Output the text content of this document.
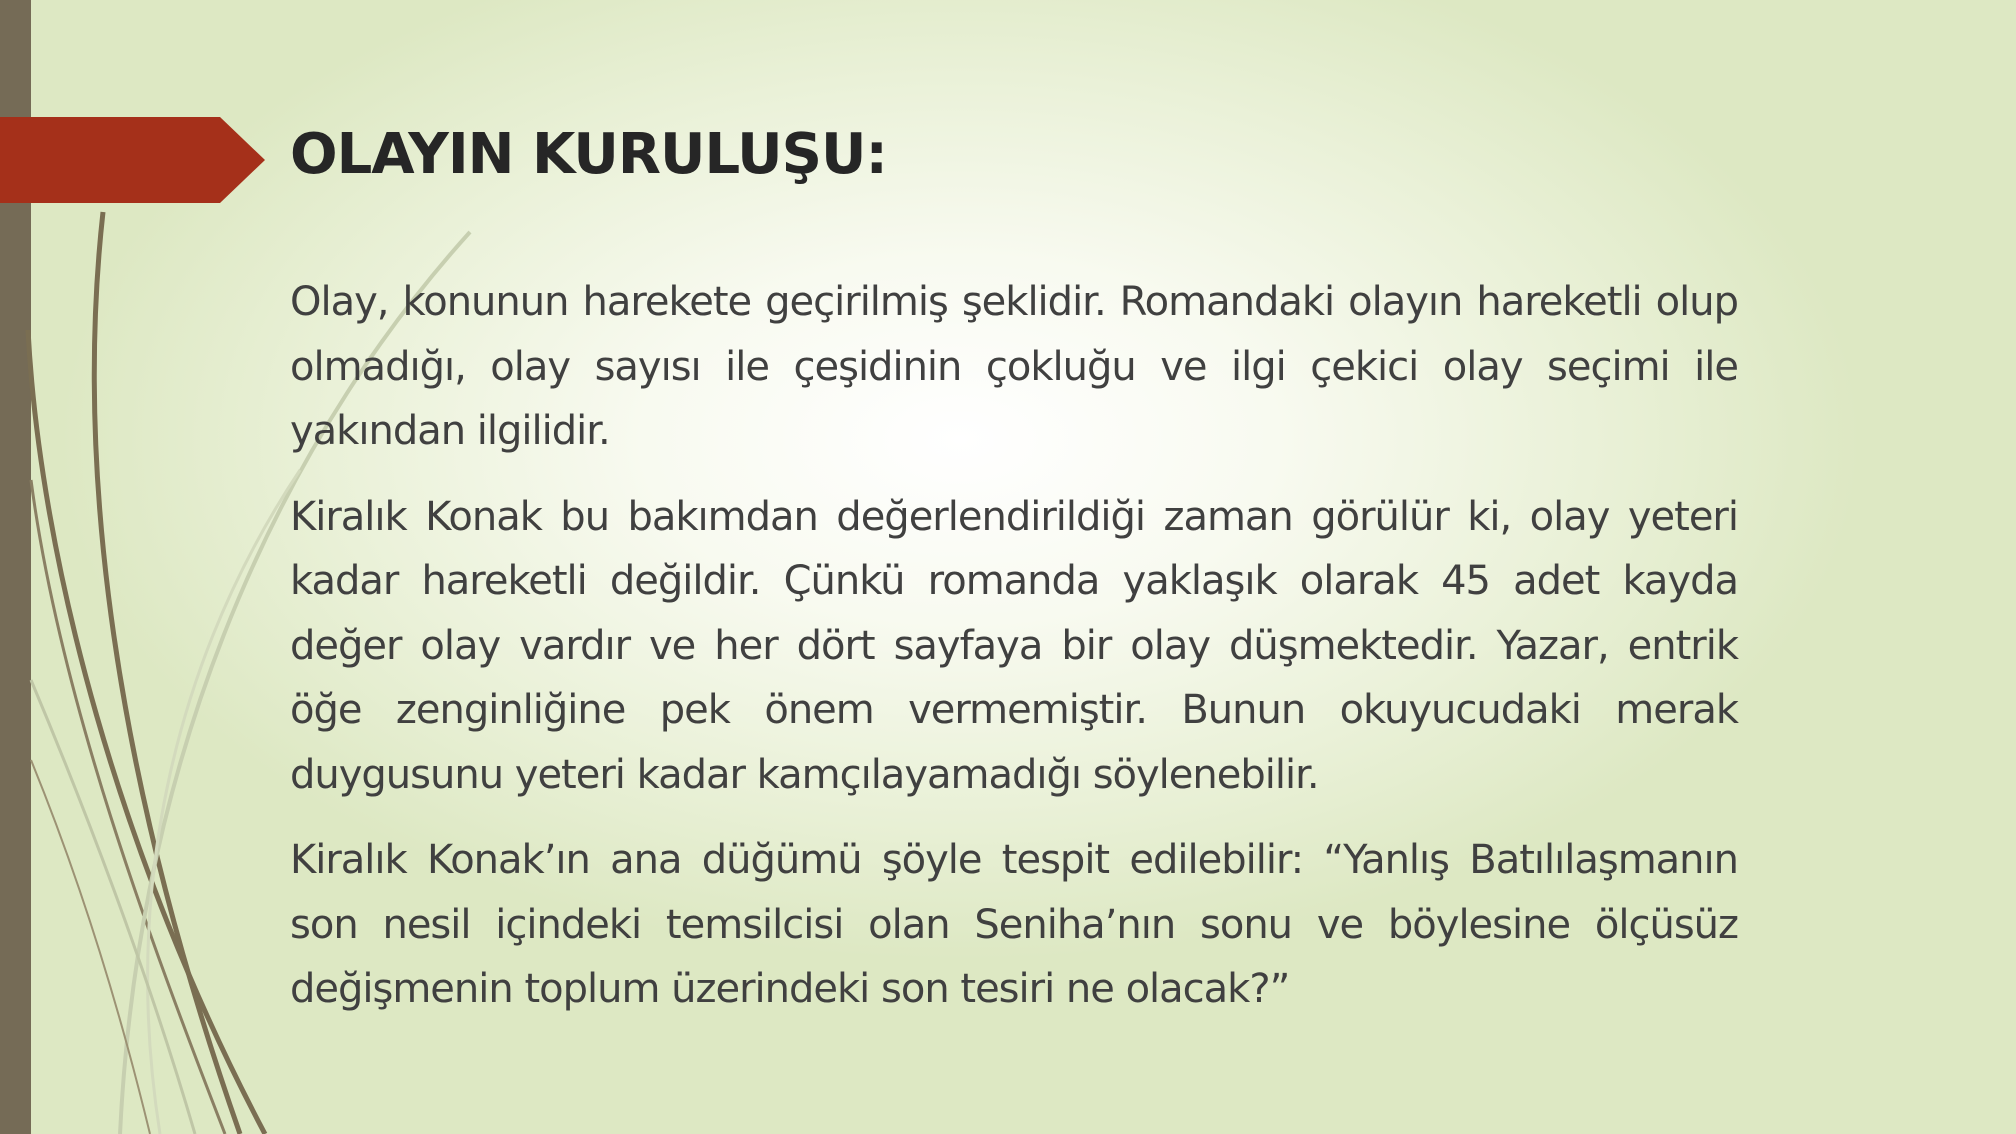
OLAYIN KURULUŞU:

Olay, konunun harekete geçirilmiş şeklidir. Romandaki olayın hareketli olup olmadığı, olay sayısı ile çeşidinin çokluğu ve ilgi çekici olay seçimi ile yakından ilgilidir.

Kiralık Konak bu bakımdan değerlendirildiği zaman görülür ki, olay yeteri kadar hareketli değildir. Çünkü romanda yaklaşık olarak 45 adet kayda değer olay vardır ve her dört sayfaya bir olay düşmektedir. Yazar, entrik öğe zenginliğine pek önem vermemiştir. Bunun okuyucudaki merak duygusunu yeteri kadar kamçılayamadığı söylenebilir.

Kiralık Konak’ın ana düğümü şöyle tespit edilebilir: “Yanlış Batılılaşmanın son nesil içindeki temsilcisi olan Seniha’nın sonu ve böylesine ölçüsüz değişmenin toplum üzerindeki son tesiri ne olacak?”
